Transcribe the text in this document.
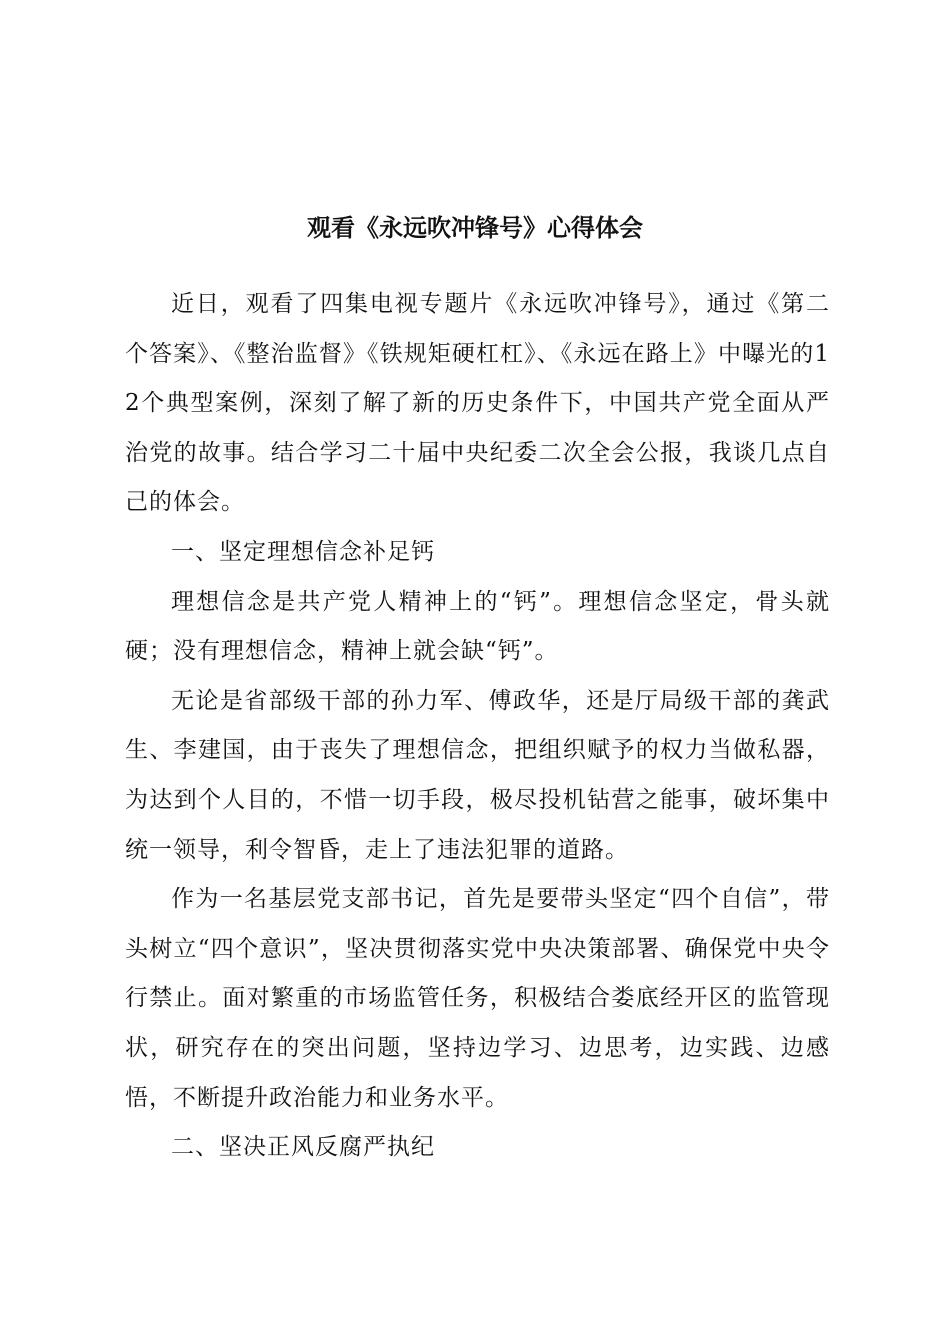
观看《永远吹冲锋号》心得体会

近日，观看了四集电视专题片《永远吹冲锋号》，通过《第二个答案》、《整治监督》《铁规矩硬杠杠》、《永远在路上》中曝光的12个典型案例，深刻了解了新的历史条件下，中国共产党全面从严治党的故事。结合学习二十届中央纪委二次全会公报，我谈几点自己的体会。

一、坚定理想信念补足钙

理想信念是共产党人精神上的“钙”。理想信念坚定，骨头就硬；没有理想信念，精神上就会缺“钙”。

无论是省部级干部的孙力军、傅政华，还是厅局级干部的龚武生、李建国，由于丧失了理想信念，把组织赋予的权力当做私器，为达到个人目的，不惜一切手段，极尽投机钻营之能事，破坏集中统一领导，利令智昏，走上了违法犯罪的道路。

作为一名基层党支部书记，首先是要带头坚定“四个自信”，带头树立“四个意识”，坚决贯彻落实党中央决策部署、确保党中央令行禁止。面对繁重的市场监管任务，积极结合娄底经开区的监管现状，研究存在的突出问题，坚持边学习、边思考，边实践、边感悟，不断提升政治能力和业务水平。

二、坚决正风反腐严执纪
